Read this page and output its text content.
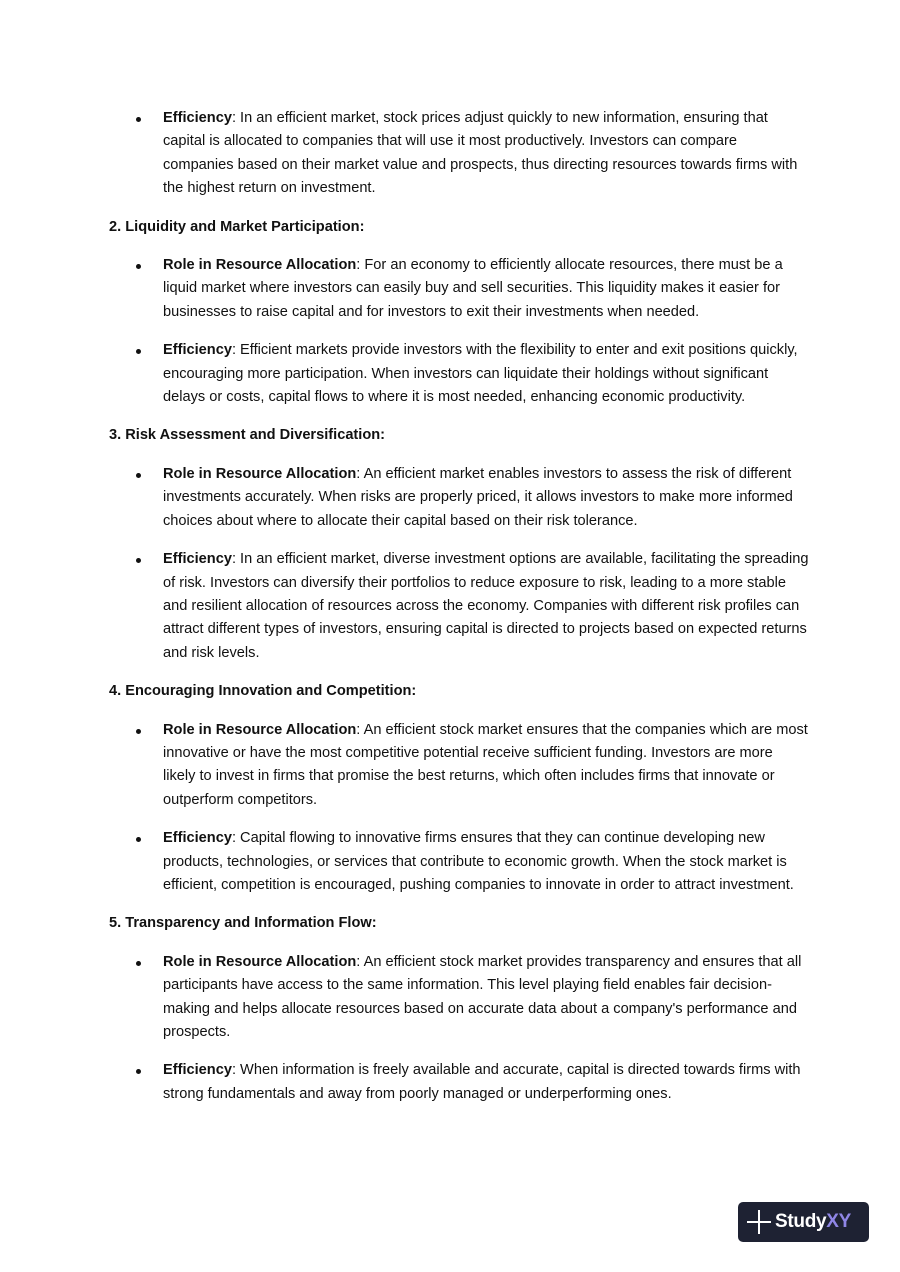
Efficiency: In an efficient market, stock prices adjust quickly to new information, ensuring that capital is allocated to companies that will use it most productively. Investors can compare companies based on their market value and prospects, thus directing resources towards firms with the highest return on investment.
2. Liquidity and Market Participation:
Role in Resource Allocation: For an economy to efficiently allocate resources, there must be a liquid market where investors can easily buy and sell securities. This liquidity makes it easier for businesses to raise capital and for investors to exit their investments when needed.
Efficiency: Efficient markets provide investors with the flexibility to enter and exit positions quickly, encouraging more participation. When investors can liquidate their holdings without significant delays or costs, capital flows to where it is most needed, enhancing economic productivity.
3. Risk Assessment and Diversification:
Role in Resource Allocation: An efficient market enables investors to assess the risk of different investments accurately. When risks are properly priced, it allows investors to make more informed choices about where to allocate their capital based on their risk tolerance.
Efficiency: In an efficient market, diverse investment options are available, facilitating the spreading of risk. Investors can diversify their portfolios to reduce exposure to risk, leading to a more stable and resilient allocation of resources across the economy. Companies with different risk profiles can attract different types of investors, ensuring capital is directed to projects based on expected returns and risk levels.
4. Encouraging Innovation and Competition:
Role in Resource Allocation: An efficient stock market ensures that the companies which are most innovative or have the most competitive potential receive sufficient funding. Investors are more likely to invest in firms that promise the best returns, which often includes firms that innovate or outperform competitors.
Efficiency: Capital flowing to innovative firms ensures that they can continue developing new products, technologies, or services that contribute to economic growth. When the stock market is efficient, competition is encouraged, pushing companies to innovate in order to attract investment.
5. Transparency and Information Flow:
Role in Resource Allocation: An efficient stock market provides transparency and ensures that all participants have access to the same information. This level playing field enables fair decision-making and helps allocate resources based on accurate data about a company's performance and prospects.
Efficiency: When information is freely available and accurate, capital is directed towards firms with strong fundamentals and away from poorly managed or underperforming ones.
StudyXY
